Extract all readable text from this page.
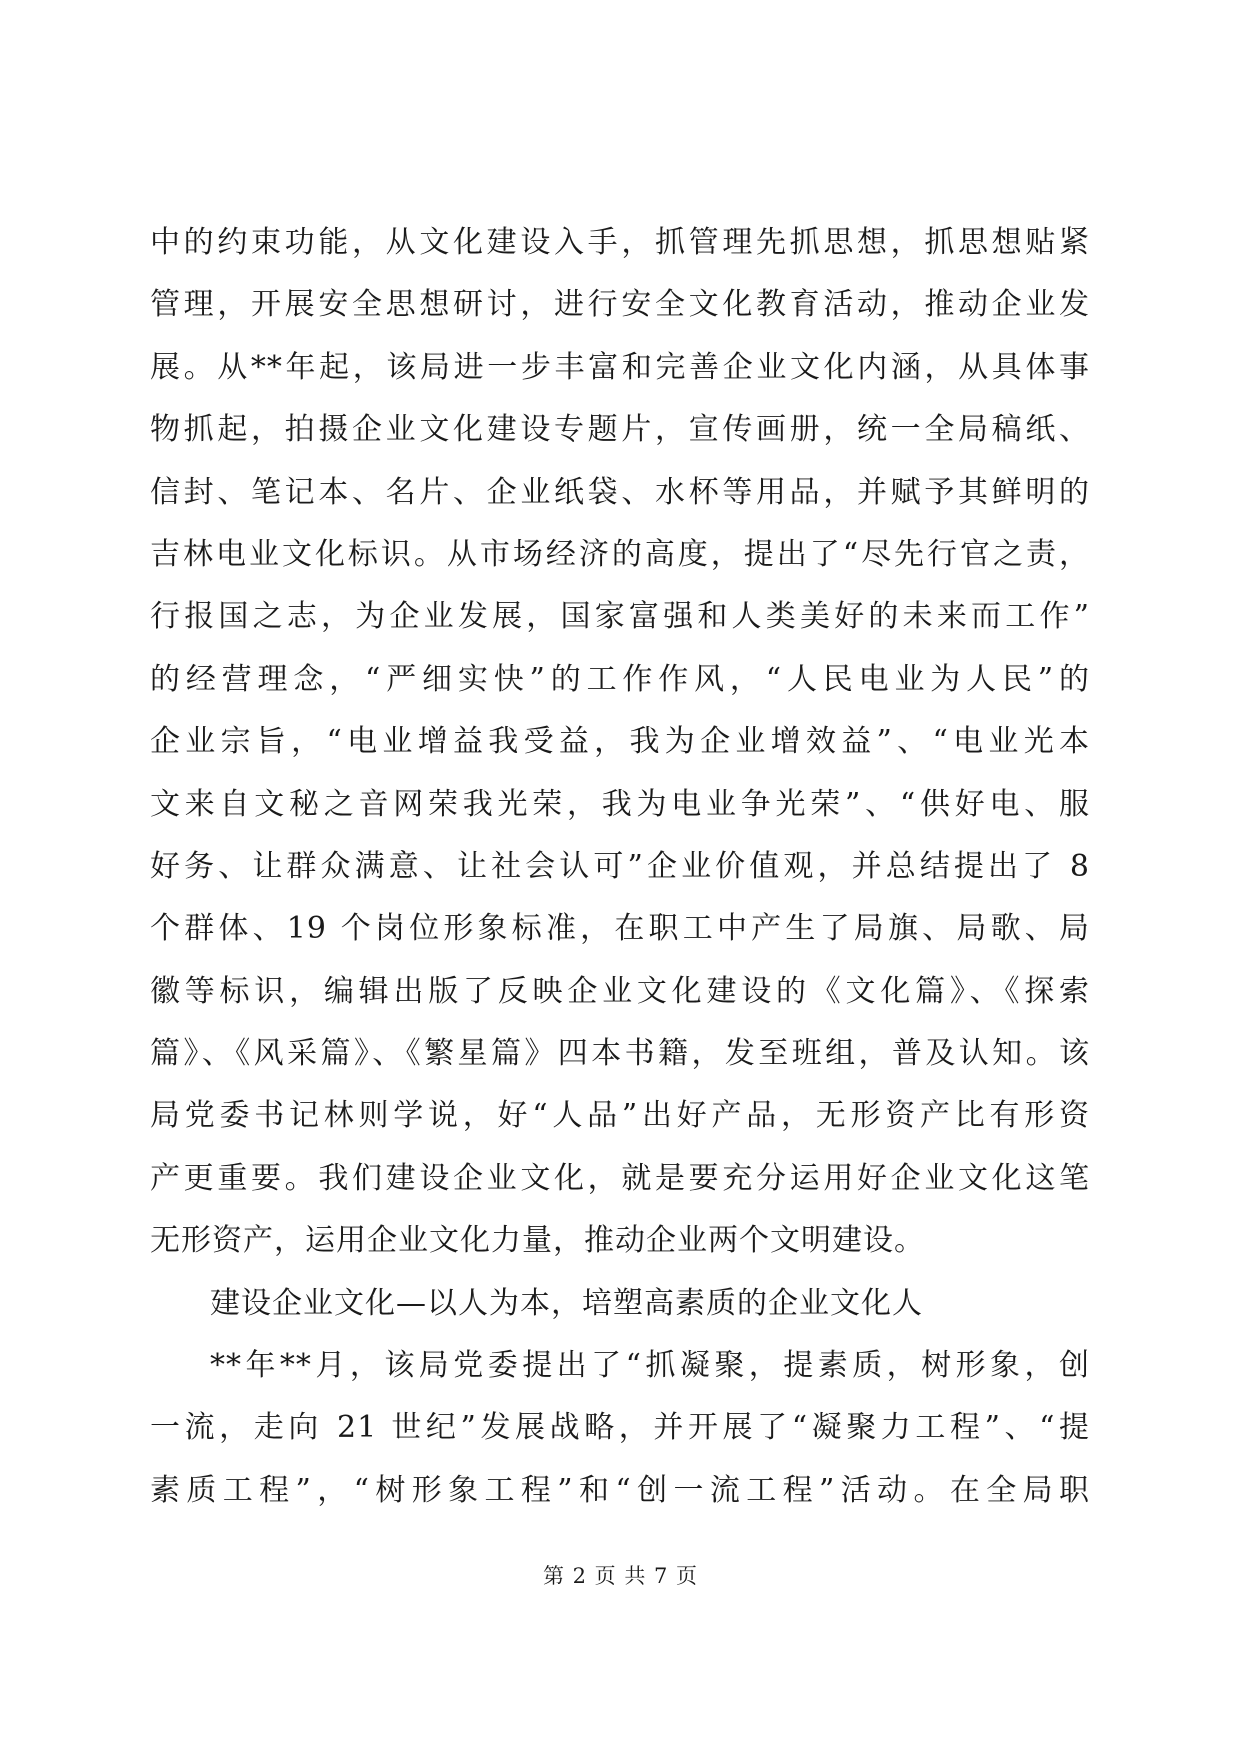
中的约束功能，从文化建设入手，抓管理先抓思想，抓思想贴紧
管理，开展安全思想研讨，进行安全文化教育活动，推动企业发
展。从**年起，该局进一步丰富和完善企业文化内涵，从具体事
物抓起，拍摄企业文化建设专题片，宣传画册，统一全局稿纸、
信封、笔记本、名片、企业纸袋、水杯等用品，并赋予其鲜明的
吉林电业文化标识。从市场经济的高度，提出了“尽先行官之责，
行报国之志，为企业发展，国家富强和人类美好的未来而工作”
的经营理念，“严细实快”的工作作风，“人民电业为人民”的
企业宗旨，“电业增益我受益，我为企业增效益”、“电业光本
文来自文秘之音网荣我光荣，我为电业争光荣”、“供好电、服
好务、让群众满意、让社会认可”企业价值观，并总结提出了 8
个群体、19 个岗位形象标准，在职工中产生了局旗、局歌、局
徽等标识，编辑出版了反映企业文化建设的《文化篇》、《探索
篇》、《风采篇》、《繁星篇》四本书籍，发至班组，普及认知。该
局党委书记林则学说，好“人品”出好产品，无形资产比有形资
产更重要。我们建设企业文化，就是要充分运用好企业文化这笔
无形资产，运用企业文化力量，推动企业两个文明建设。
建设企业文化—以人为本，培塑高素质的企业文化人
**年**月，该局党委提出了“抓凝聚，提素质，树形象，创
一流，走向 21 世纪”发展战略，并开展了“凝聚力工程”、“提
素质工程”，“树形象工程”和“创一流工程”活动。在全局职
第 2 页 共 7 页
